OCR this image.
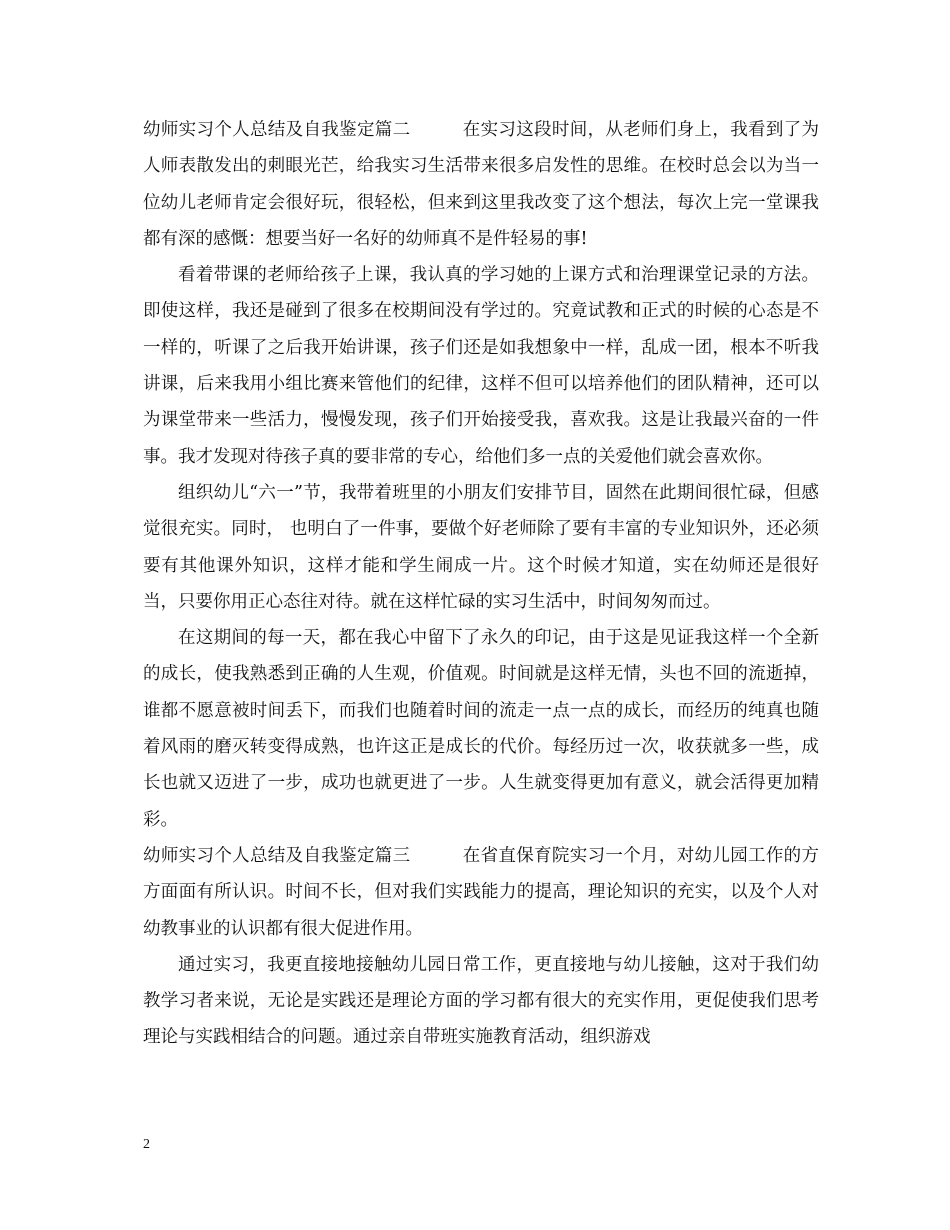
幼师实习个人总结及自我鉴定篇二	在实习这段时间，从老师们身上，我看到了为人师表散发出的刺眼光芒，给我实习生活带来很多启发性的思维。在校时总会以为当一位幼儿老师肯定会很好玩，很轻松，但来到这里我改变了这个想法，每次上完一堂课我都有深的感慨：想要当好一名好的幼师真不是件轻易的事!

看着带课的老师给孩子上课，我认真的学习她的上课方式和治理课堂记录的方法。即使这样，我还是碰到了很多在校期间没有学过的。究竟试教和正式的时候的心态是不一样的，听课了之后我开始讲课，孩子们还是如我想象中一样，乱成一团，根本不听我讲课，后来我用小组比赛来管他们的纪律，这样不但可以培养他们的团队精神，还可以为课堂带来一些活力，慢慢发现，孩子们开始接受我，喜欢我。这是让我最兴奋的一件事。我才发现对待孩子真的要非常的专心，给他们多一点的关爱他们就会喜欢你。

组织幼儿“六一”节，我带着班里的小朋友们安排节目，固然在此期间很忙碌，但感觉很充实。同时， 也明白了一件事，要做个好老师除了要有丰富的专业知识外，还必须要有其他课外知识，这样才能和学生闹成一片。这个时候才知道，实在幼师还是很好当，只要你用正心态往对待。就在这样忙碌的实习生活中，时间匆匆而过。

在这期间的每一天，都在我心中留下了永久的印记，由于这是见证我这样一个全新的成长，使我熟悉到正确的人生观，价值观。时间就是这样无情，头也不回的流逝掉，谁都不愿意被时间丢下，而我们也随着时间的流走一点一点的成长，而经历的纯真也随着风雨的磨灭转变得成熟，也许这正是成长的代价。每经历过一次，收获就多一些，成长也就又迈进了一步，成功也就更进了一步。人生就变得更加有意义，就会活得更加精彩。

幼师实习个人总结及自我鉴定篇三	在省直保育院实习一个月，对幼儿园工作的方方面面有所认识。时间不长，但对我们实践能力的提高，理论知识的充实，以及个人对幼教事业的认识都有很大促进作用。

通过实习，我更直接地接触幼儿园日常工作，更直接地与幼儿接触，这对于我们幼教学习者来说，无论是实践还是理论方面的学习都有很大的充实作用，更促使我们思考理论与实践相结合的问题。通过亲自带班实施教育活动，组织游戏

2
